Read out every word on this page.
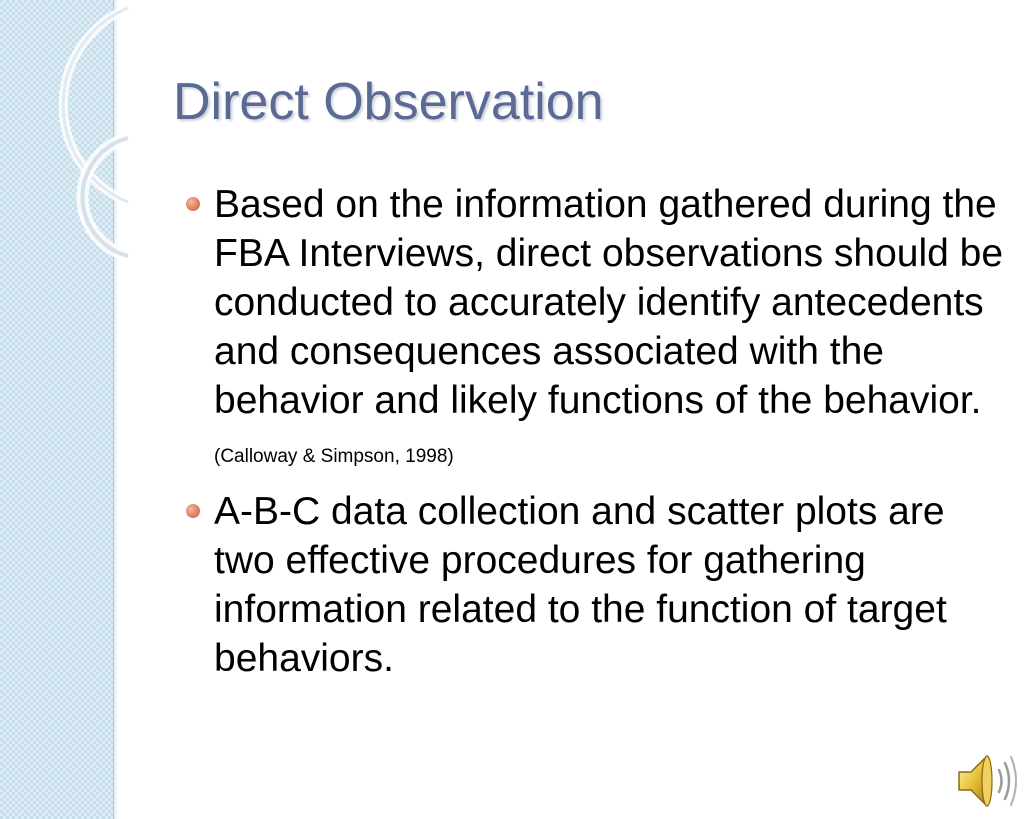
Direct Observation
Based on the information gathered during the FBA Interviews, direct observations should be conducted to accurately identify antecedents and consequences associated with the behavior and likely functions of the behavior. (Calloway & Simpson, 1998)
A-B-C data collection and scatter plots are two effective procedures for gathering information related to the function of target behaviors.
